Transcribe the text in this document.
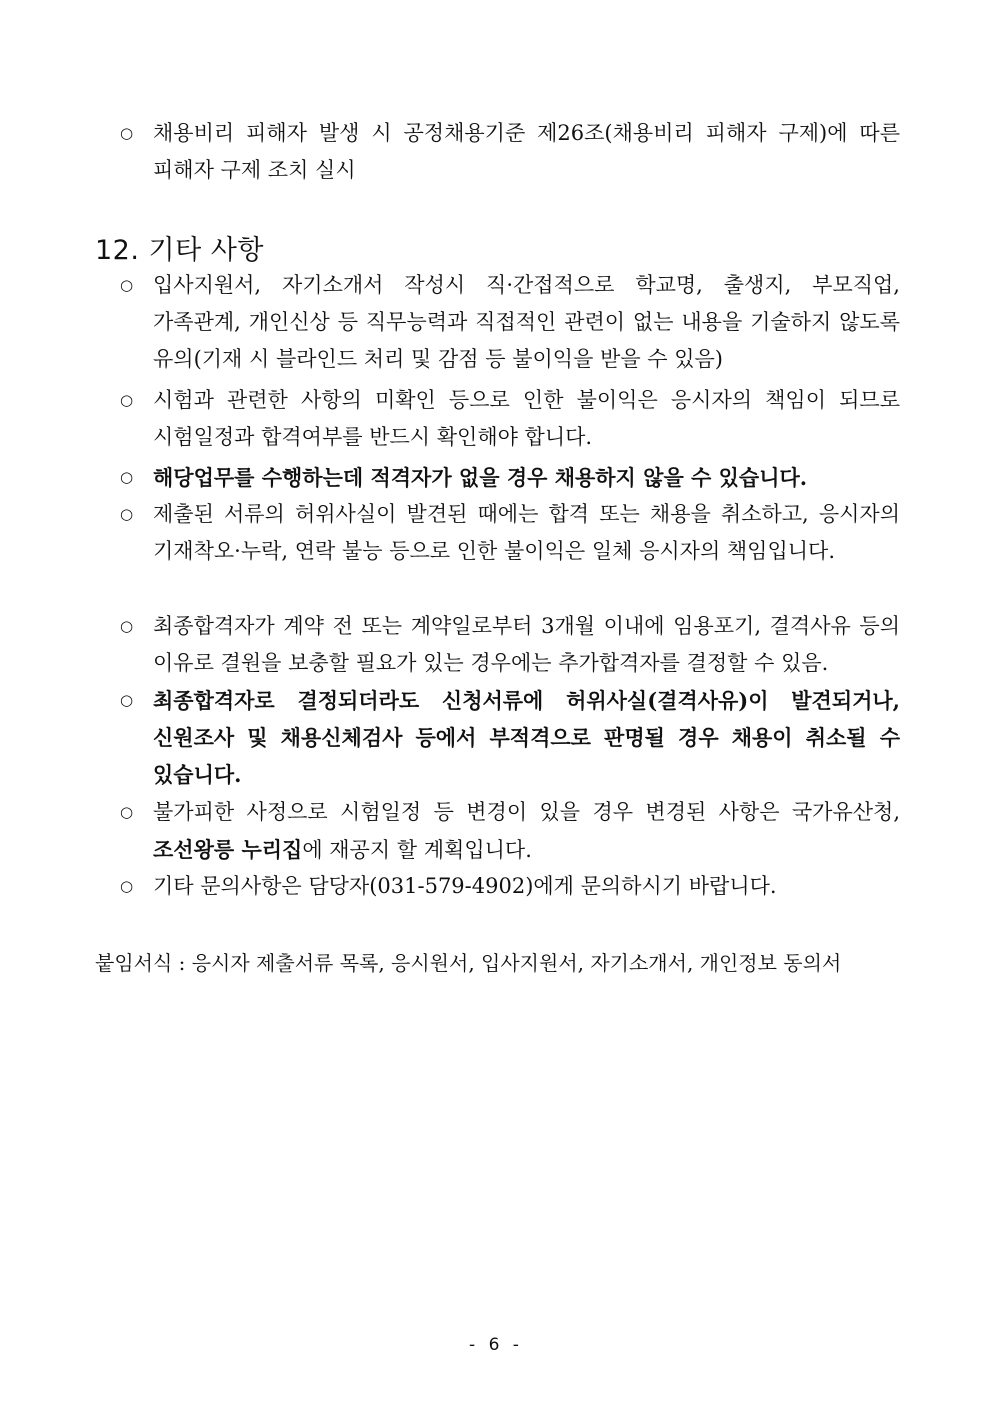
○ 채용비리 피해자 발생 시 공정채용기준 제26조(채용비리 피해자 구제)에 따른 피해자 구제 조치 실시
12. 기타 사항
○ 입사지원서, 자기소개서 작성시 직·간접적으로 학교명, 출생지, 부모직업, 가족관계, 개인신상 등 직무능력과 직접적인 관련이 없는 내용을 기술하지 않도록 유의(기재 시 블라인드 처리 및 감점 등 불이익을 받을 수 있음)
○ 시험과 관련한 사항의 미확인 등으로 인한 불이익은 응시자의 책임이 되므로 시험일정과 합격여부를 반드시 확인해야 합니다.
○ 해당업무를 수행하는데 적격자가 없을 경우 채용하지 않을 수 있습니다.
○ 제출된 서류의 허위사실이 발견된 때에는 합격 또는 채용을 취소하고, 응시자의 기재착오·누락, 연락 불능 등으로 인한 불이익은 일체 응시자의 책임입니다.
○ 최종합격자가 계약 전 또는 계약일로부터 3개월 이내에 임용포기, 결격사유 등의 이유로 결원을 보충할 필요가 있는 경우에는 추가합격자를 결정할 수 있음.
○ 최종합격자로 결정되더라도 신청서류에 허위사실(결격사유)이 발견되거나, 신원조사 및 채용신체검사 등에서 부적격으로 판명될 경우 채용이 취소될 수 있습니다.
○ 불가피한 사정으로 시험일정 등 변경이 있을 경우 변경된 사항은 국가유산청, 조선왕릉 누리집에 재공지 할 계획입니다.
○ 기타 문의사항은 담당자(031-579-4902)에게 문의하시기 바랍니다.
붙임서식 : 응시자 제출서류 목록, 응시원서, 입사지원서, 자기소개서, 개인정보 동의서
- 6 -
